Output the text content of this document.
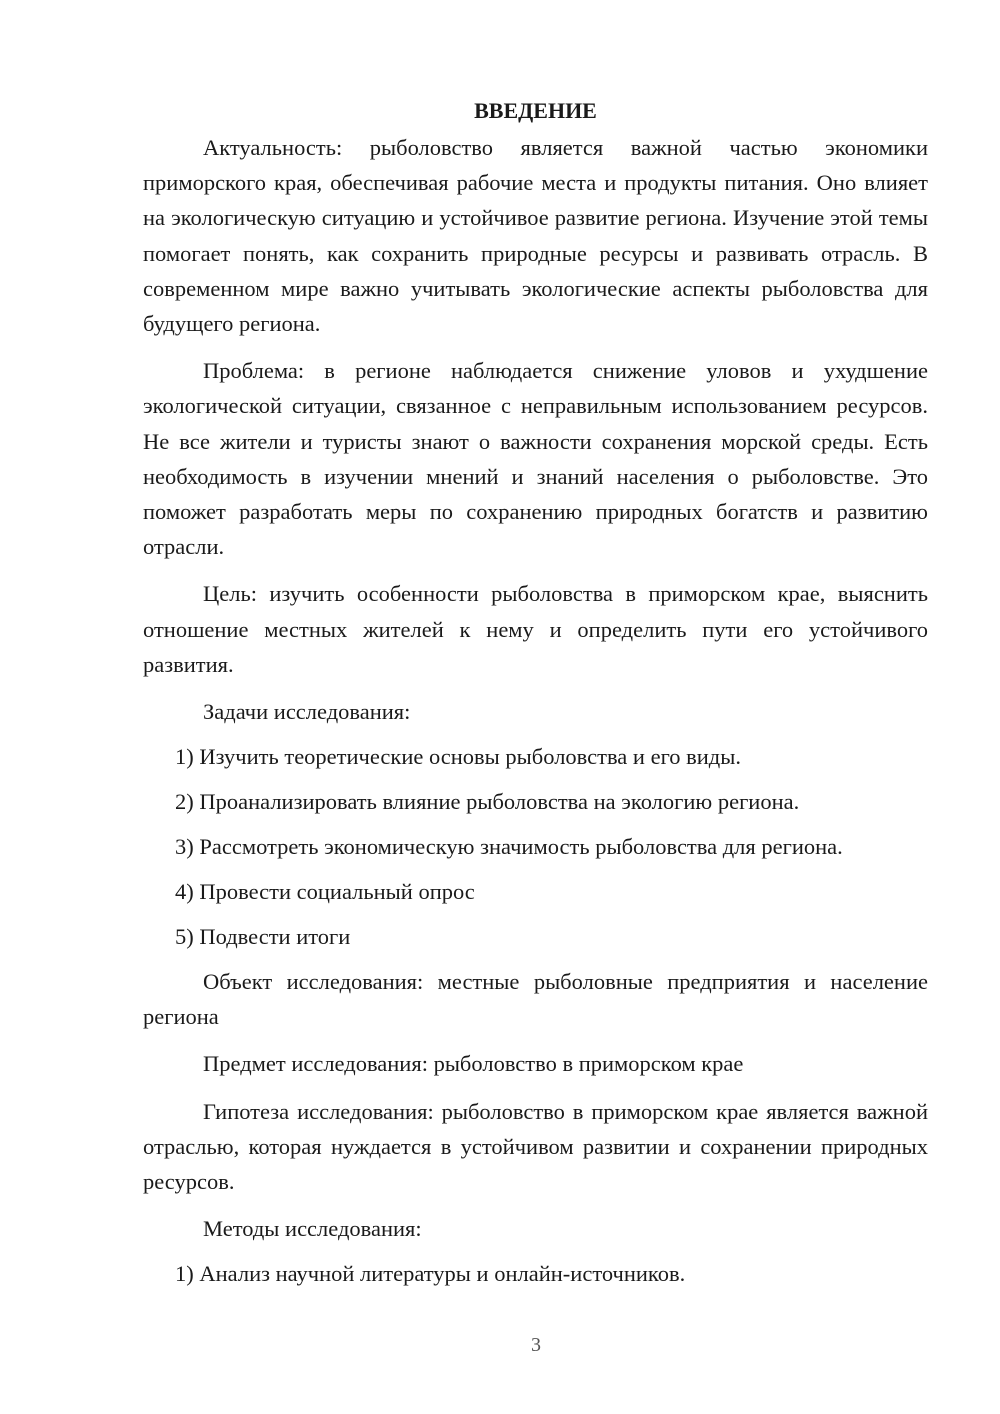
ВВЕДЕНИЕ

Актуальность: рыболовство является важной частью экономики приморского края, обеспечивая рабочие места и продукты питания. Оно влияет на экологическую ситуацию и устойчивое развитие региона. Изучение этой темы помогает понять, как сохранить природные ресурсы и развивать отрасль. В современном мире важно учитывать экологические аспекты рыболовства для будущего региона.

Проблема: в регионе наблюдается снижение уловов и ухудшение экологической ситуации, связанное с неправильным использованием ресурсов. Не все жители и туристы знают о важности сохранения морской среды. Есть необходимость в изучении мнений и знаний населения о рыболовстве. Это поможет разработать меры по сохранению природных богатств и развитию отрасли.

Цель: изучить особенности рыболовства в приморском крае, выяснить отношение местных жителей к нему и определить пути его устойчивого развития.

Задачи исследования:
1) Изучить теоретические основы рыболовства и его виды.
2) Проанализировать влияние рыболовства на экологию региона.
3) Рассмотреть экономическую значимость рыболовства для региона.
4) Провести социальный опрос
5) Подвести итоги

Объект исследования: местные рыболовные предприятия и население региона

Предмет исследования: рыболовство в приморском крае

Гипотеза исследования: рыболовство в приморском крае является важной отраслью, которая нуждается в устойчивом развитии и сохранении природных ресурсов.

Методы исследования:
1) Анализ научной литературы и онлайн-источников.
3
